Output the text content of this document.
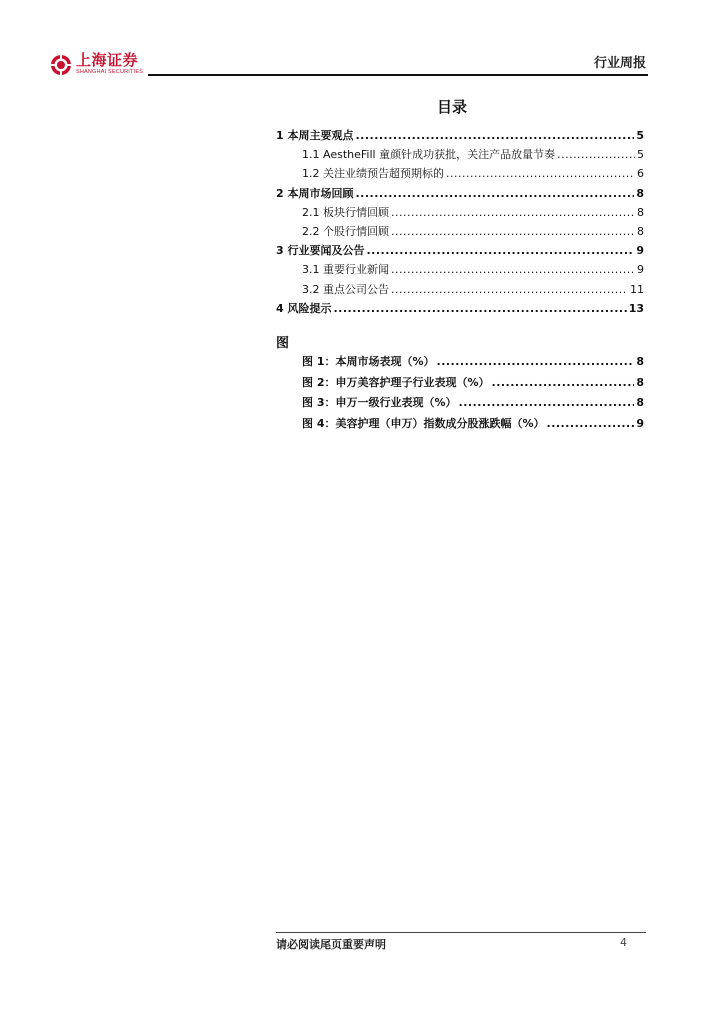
上海证券
SHANGHAI SECURITIES
行业周报
目录
1 本周主要观点 .....	5
1.1 AestheFill 童颜针成功获批，关注产品放量节奏 .....	5
1.2 关注业绩预告超预期标的 .....	6
2 本周市场回顾 .....	8
2.1 板块行情回顾 .....	8
2.2 个股行情回顾 .....	8
3 行业要闻及公告 .....	9
3.1 重要行业新闻 .....	9
3.2 重点公司公告 .....	11
4 风险提示 .....	13
图
图 1：本周市场表现（%） .....	8
图 2：申万美容护理子行业表现（%） .....	8
图 3：申万一级行业表现（%） .....	8
图 4：美容护理（申万）指数成分股涨跌幅（%） .....	9
请必阅读尾页重要声明	4
